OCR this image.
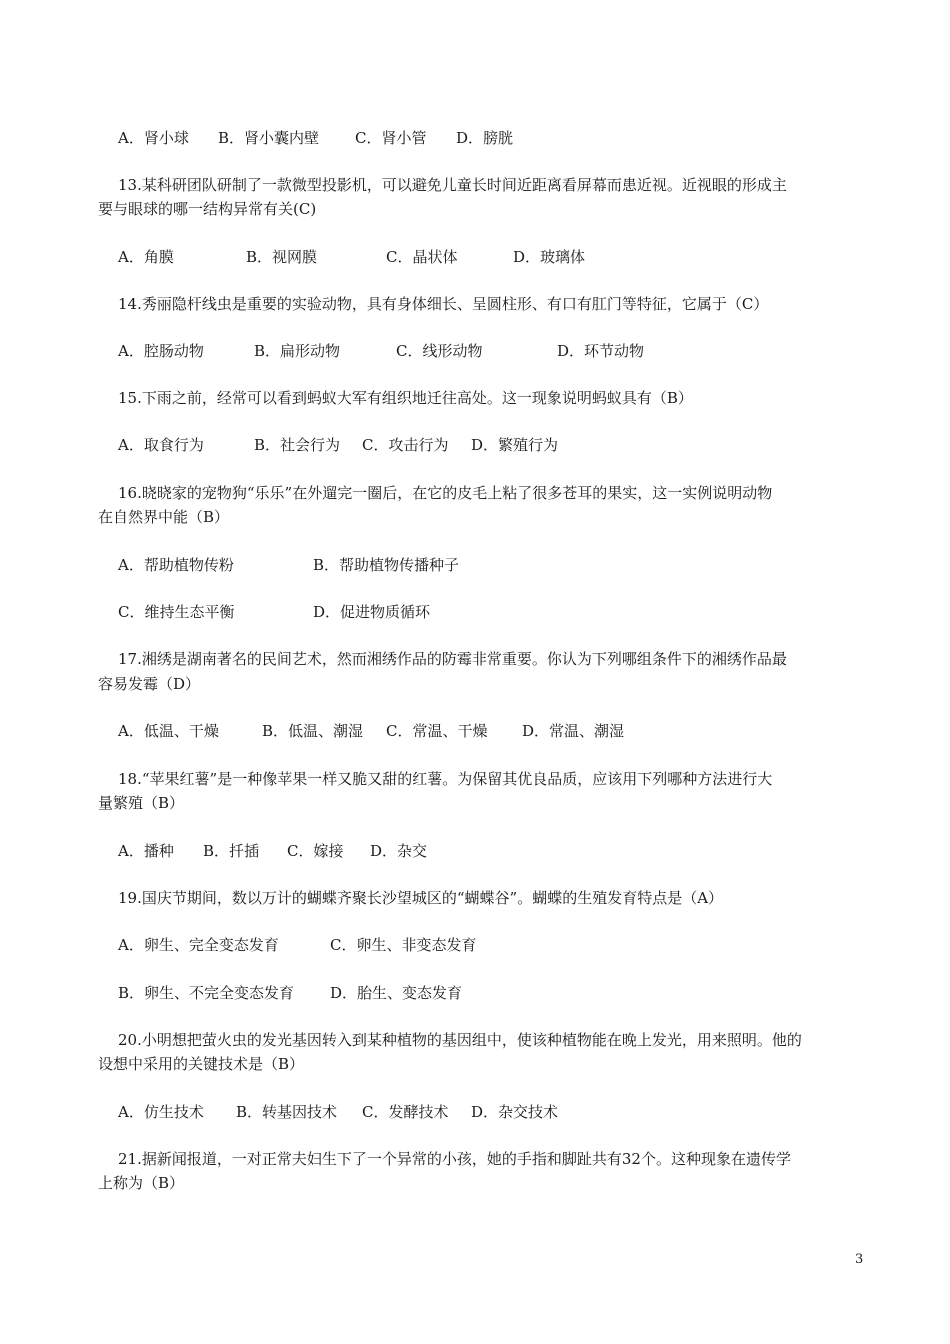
A．肾小球 B．肾小囊内壁 C．肾小管 D．膀胱
13.某科研团队研制了一款微型投影机，可以避免儿童长时间近距离看屏幕而患近视。近视眼的形成主
要与眼球的哪一结构异常有关(C)
A．角膜	B．视网膜	C．晶状体	D．玻璃体
14.秀丽隐杆线虫是重要的实验动物，具有身体细长、呈圆柱形、有口有肛门等特征，它属于（C）
A．腔肠动物	B．扁形动物	C．线形动物	D．环节动物
15.下雨之前，经常可以看到蚂蚁大军有组织地迁往高处。这一现象说明蚂蚁具有（B）
A．取食行为	B．社会行为 C．攻击行为 D．繁殖行为
16.晓晓家的宠物狗“乐乐”在外遛完一圈后，在它的皮毛上粘了很多苍耳的果实，这一实例说明动物
在自然界中能（B）
A．帮助植物传粉	B．帮助植物传播种子
C．维持生态平衡	D．促进物质循环
17.湘绣是湖南著名的民间艺术，然而湘绣作品的防霉非常重要。你认为下列哪组条件下的湘绣作品最
容易发霉（D）
A．低温、干燥	B．低温、潮湿 C．常温、干燥 D．常温、潮湿
18.“苹果红薯”是一种像苹果一样又脆又甜的红薯。为保留其优良品质，应该用下列哪种方法进行大
量繁殖（B）
A．播种 B．扦插 C．嫁接 D．杂交
19.国庆节期间，数以万计的蝴蝶齐聚长沙望城区的“蝴蝶谷”。蝴蝶的生殖发育特点是（A）
A．卵生、完全变态发育	C．卵生、非变态发育
B．卵生、不完全变态发育 D．胎生、变态发育
20.小明想把萤火虫的发光基因转入到某种植物的基因组中，使该种植物能在晚上发光，用来照明。他的
设想中采用的关键技术是（B）
A．仿生技术 B．转基因技术 C．发酵技术 D．杂交技术
21.据新闻报道，一对正常夫妇生下了一个异常的小孩，她的手指和脚趾共有32个。这种现象在遗传学
上称为（B）
3
